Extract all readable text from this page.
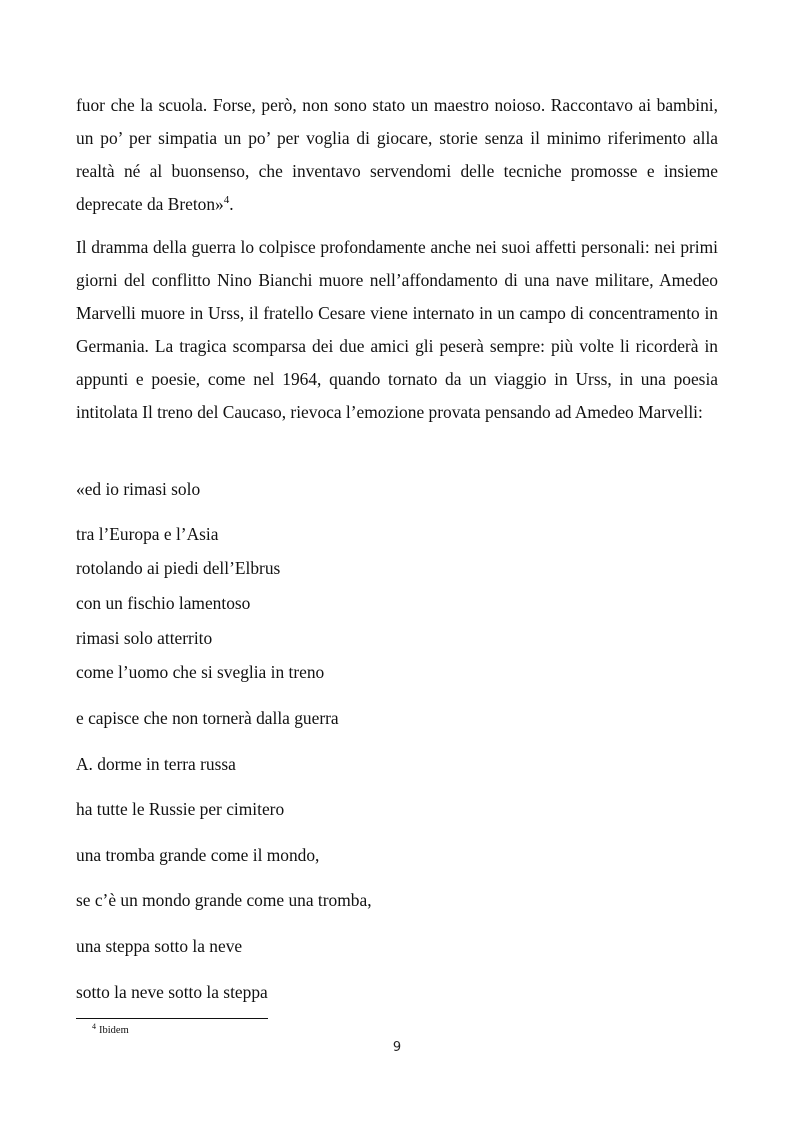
fuor che la scuola. Forse, però, non sono stato un maestro noioso. Raccontavo ai bambini, un po’ per simpatia un po’ per voglia di giocare, storie senza il minimo riferimento alla realtà né al buonsenso, che inventavo servendomi delle tecniche promosse e insieme deprecate da Breton»$^4$.

Il dramma della guerra lo colpisce profondamente anche nei suoi affetti personali: nei primi giorni del conflitto Nino Bianchi muore nell’affondamento di una nave militare, Amedeo Marvelli muore in Urss, il fratello Cesare viene internato in un campo di concentramento in Germania. La tragica scomparsa dei due amici gli peserà sempre: più volte li ricorderà in appunti e poesie, come nel 1964, quando tornato da un viaggio in Urss, in una poesia intitolata Il treno del Caucaso, rievoca l’emozione provata pensando ad Amedeo Marvelli:

«ed io rimasi solo
tra l’Europa e l’Asia
rotolando ai piedi dell’Elbrus
con un fischio lamentoso
rimasi solo atterrito
come l’uomo che si sveglia in treno
e capisce che non tornerà dalla guerra
A. dorme in terra russa
ha tutte le Russie per cimitero
una tromba grande come il mondo,
se c’è un mondo grande come una tromba,
una steppa sotto la neve
sotto la neve sotto la steppa
$^4$ Ibidem
9
